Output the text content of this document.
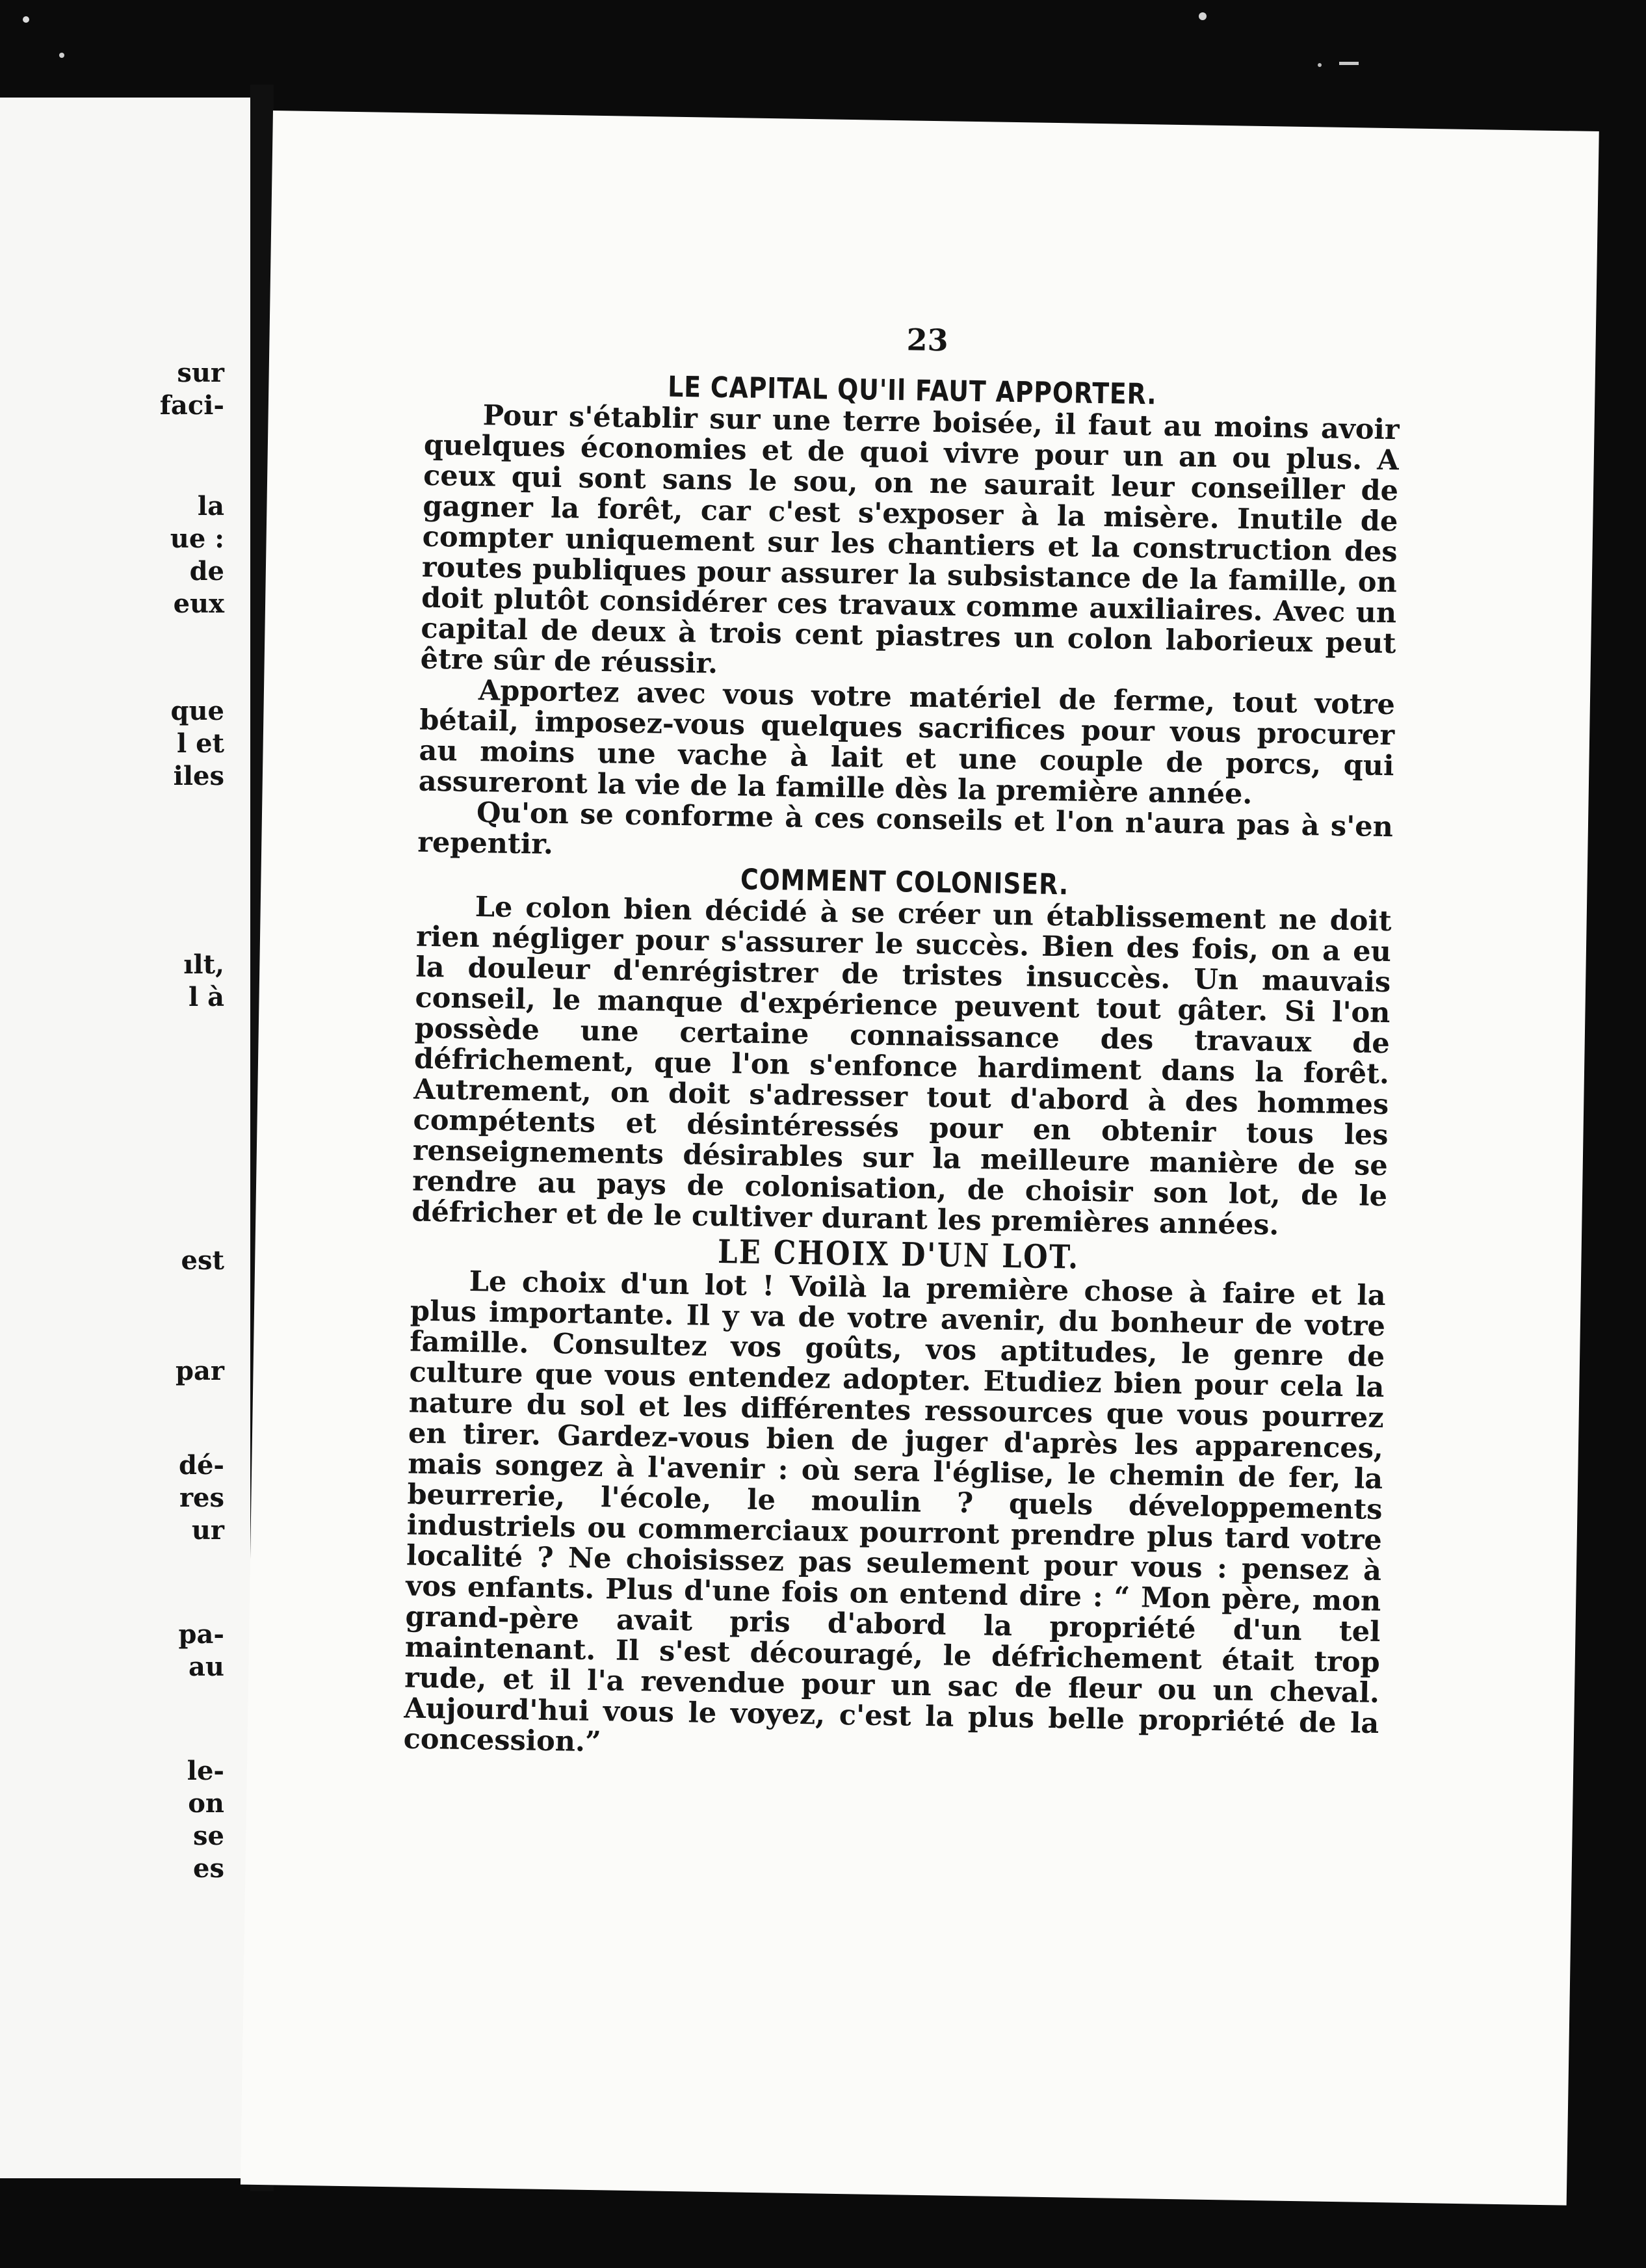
sur
faci-
la
ue :
de
eux
que
l et
iles
ılt,
l à
est
par
dé-
res
ur
pa-
au
le-
on
se
es
23
LE CAPITAL QU'Il FAUT APPORTER.

Pour s'établir sur une terre boisée, il faut au moins avoir quelques économies et de quoi vivre pour un an ou plus. A ceux qui sont sans le sou, on ne saurait leur conseiller de gagner la forêt, car c'est s'exposer à la misère. Inutile de compter uniquement sur les chantiers et la construction des routes publiques pour assurer la subsistance de la famille, on doit plutôt considérer ces travaux comme auxiliaires. Avec un capital de deux à trois cent piastres un colon laborieux peut être sûr de réussir.

Apportez avec vous votre matériel de ferme, tout votre bétail, imposez-vous quelques sacrifices pour vous procurer au moins une vache à lait et une couple de porcs, qui assureront la vie de la famille dès la première année.

Qu'on se conforme à ces conseils et l'on n'aura pas à s'en repentir.

COMMENT COLONISER.

Le colon bien décidé à se créer un établissement ne doit rien négliger pour s'assurer le succès. Bien des fois, on a eu la douleur d'enrégistrer de tristes insuccès. Un mauvais conseil, le manque d'expérience peuvent tout gâter. Si l'on possède une certaine connaissance des travaux de défrichement, que l'on s'enfonce hardiment dans la forêt. Autrement, on doit s'adresser tout d'abord à des hommes compétents et désintéressés pour en obtenir tous les renseignements désirables sur la meilleure manière de se rendre au pays de colonisation, de choisir son lot, de le défricher et de le cultiver durant les premières années.

LE CHOIX D'UN LOT.

Le choix d'un lot ! Voilà la première chose à faire et la plus importante. Il y va de votre avenir, du bonheur de votre famille. Consultez vos goûts, vos aptitudes, le genre de culture que vous entendez adopter. Etudiez bien pour cela la nature du sol et les différentes ressources que vous pourrez en tirer. Gardez-vous bien de juger d'après les apparences, mais songez à l'avenir : où sera l'église, le chemin de fer, la beurrerie, l'école, le moulin ? quels développements industriels ou commerciaux pourront prendre plus tard votre localité ? Ne choisissez pas seulement pour vous : pensez à vos enfants. Plus d'une fois on entend dire : “ Mon père, mon grand-père avait pris d'abord la propriété d'un tel maintenant. Il s'est découragé, le défrichement était trop rude, et il l'a revendue pour un sac de fleur ou un cheval. Aujourd'hui vous le voyez, c'est la plus belle propriété de la concession.”
